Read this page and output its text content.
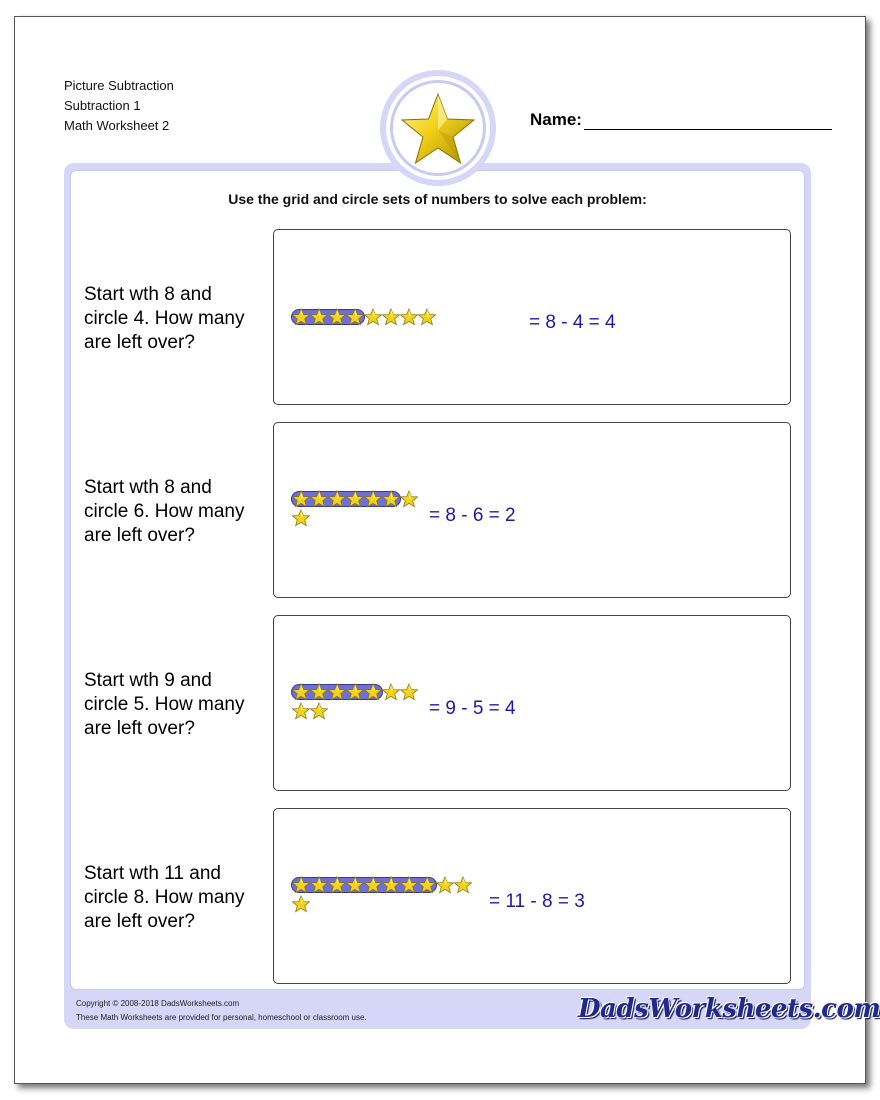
Picture Subtraction
Subtraction 1
Math Worksheet 2	Name:
Use the grid and circle sets of numbers to solve each problem:
Start wth 8 and
circle 4. How many
are left over?
= 8 - 4 = 4
Start wth 8 and
circle 6. How many
are left over?
= 8 - 6 = 2
Start wth 9 and
circle 5. How many
are left over?
= 9 - 5 = 4
Start wth 11 and
circle 8. How many
are left over?
= 11 - 8 = 3
Copyright © 2008-2018 DadsWorksheets.com
These Math Worksheets are provided for personal, homeschool or classroom use.	DadsWorksheets.com
